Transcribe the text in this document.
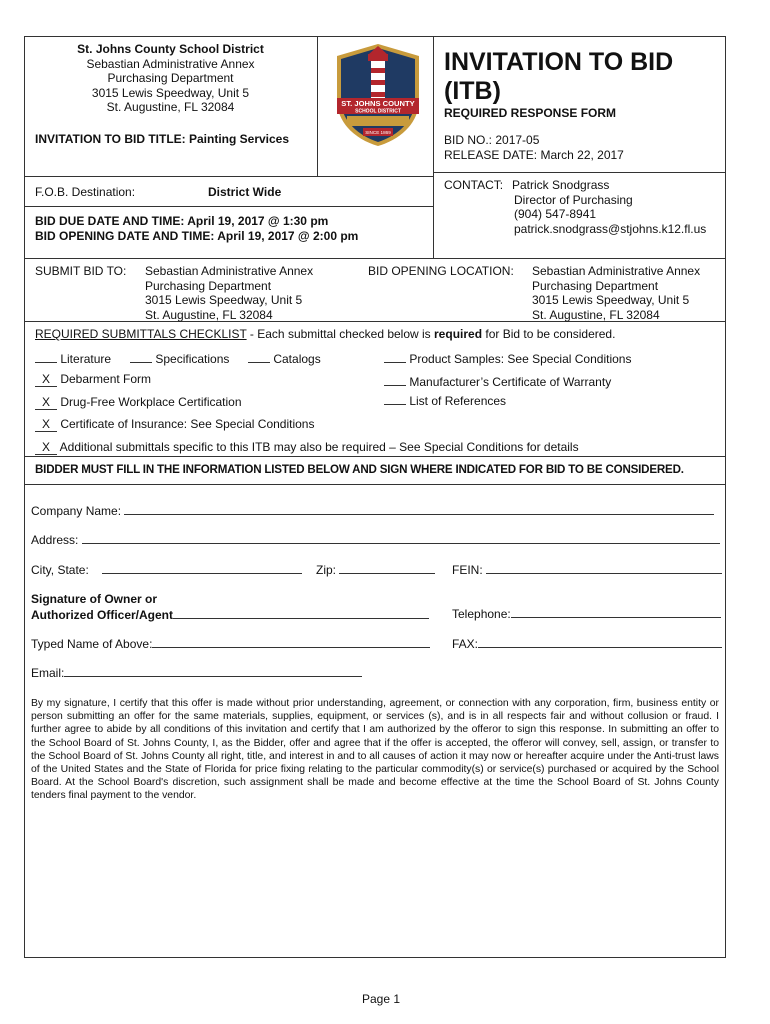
St. Johns County School District
Sebastian Administrative Annex
Purchasing Department
3015 Lewis Speedway, Unit 5
St. Augustine, FL 32084
INVITATION TO BID TITLE: Painting Services
ST. JOHNS COUNTY
SCHOOL DISTRICT
SINCE 1869
INVITATION TO BID
(ITB)
REQUIRED RESPONSE FORM
BID NO.: 2017-05
RELEASE DATE: March 22, 2017
F.O.B. Destination:	District Wide	CONTACT: Patrick Snodgrass
Director of Purchasing
(904) 547-8941
patrick.snodgrass@stjohns.k12.fl.us
BID DUE DATE AND TIME: April 19, 2017 @ 1:30 pm
BID OPENING DATE AND TIME: April 19, 2017 @ 2:00 pm
SUBMIT BID TO: Sebastian Administrative Annex
Purchasing Department
3015 Lewis Speedway, Unit 5
St. Augustine, FL 32084
BID OPENING LOCATION: Sebastian Administrative Annex
Purchasing Department
3015 Lewis Speedway, Unit 5
St. Augustine, FL 32084
REQUIRED SUBMITTALS CHECKLIST - Each submittal checked below is required for Bid to be considered.
Literature	Specifications	Catalogs	Product Samples: See Special Conditions
X Debarment Form	Manufacturer’s Certificate of Warranty
X Drug-Free Workplace Certification	List of References
X Certificate of Insurance: See Special Conditions
X Additional submittals specific to this ITB may also be required – See Special Conditions for details
BIDDER MUST FILL IN THE INFORMATION LISTED BELOW AND SIGN WHERE INDICATED FOR BID TO BE CONSIDERED.
Company Name:
Address:
City, State:	Zip:	FEIN:
Signature of Owner or
Authorized Officer/Agent	Telephone:
Typed Name of Above:	FAX:
Email:
By my signature, I certify that this offer is made without prior understanding, agreement, or connection with any corporation, firm, business entity or person submitting an offer for the same materials, supplies, equipment, or services (s), and is in all respects fair and without collusion or fraud. I further agree to abide by all conditions of this invitation and certify that I am authorized by the offeror to sign this response. In submitting an offer to the School Board of St. Johns County, I, as the Bidder, offer and agree that if the offer is accepted, the offeror will convey, sell, assign, or transfer to the School Board of St. Johns County all right, title, and interest in and to all causes of action it may now or hereafter acquire under the Anti-trust laws of the United States and the State of Florida for price fixing relating to the particular commodity(s) or service(s) purchased or acquired by the School Board. At the School Board's discretion, such assignment shall be made and become effective at the time the School Board of St. Johns County tenders final payment to the vendor.
Page 1
